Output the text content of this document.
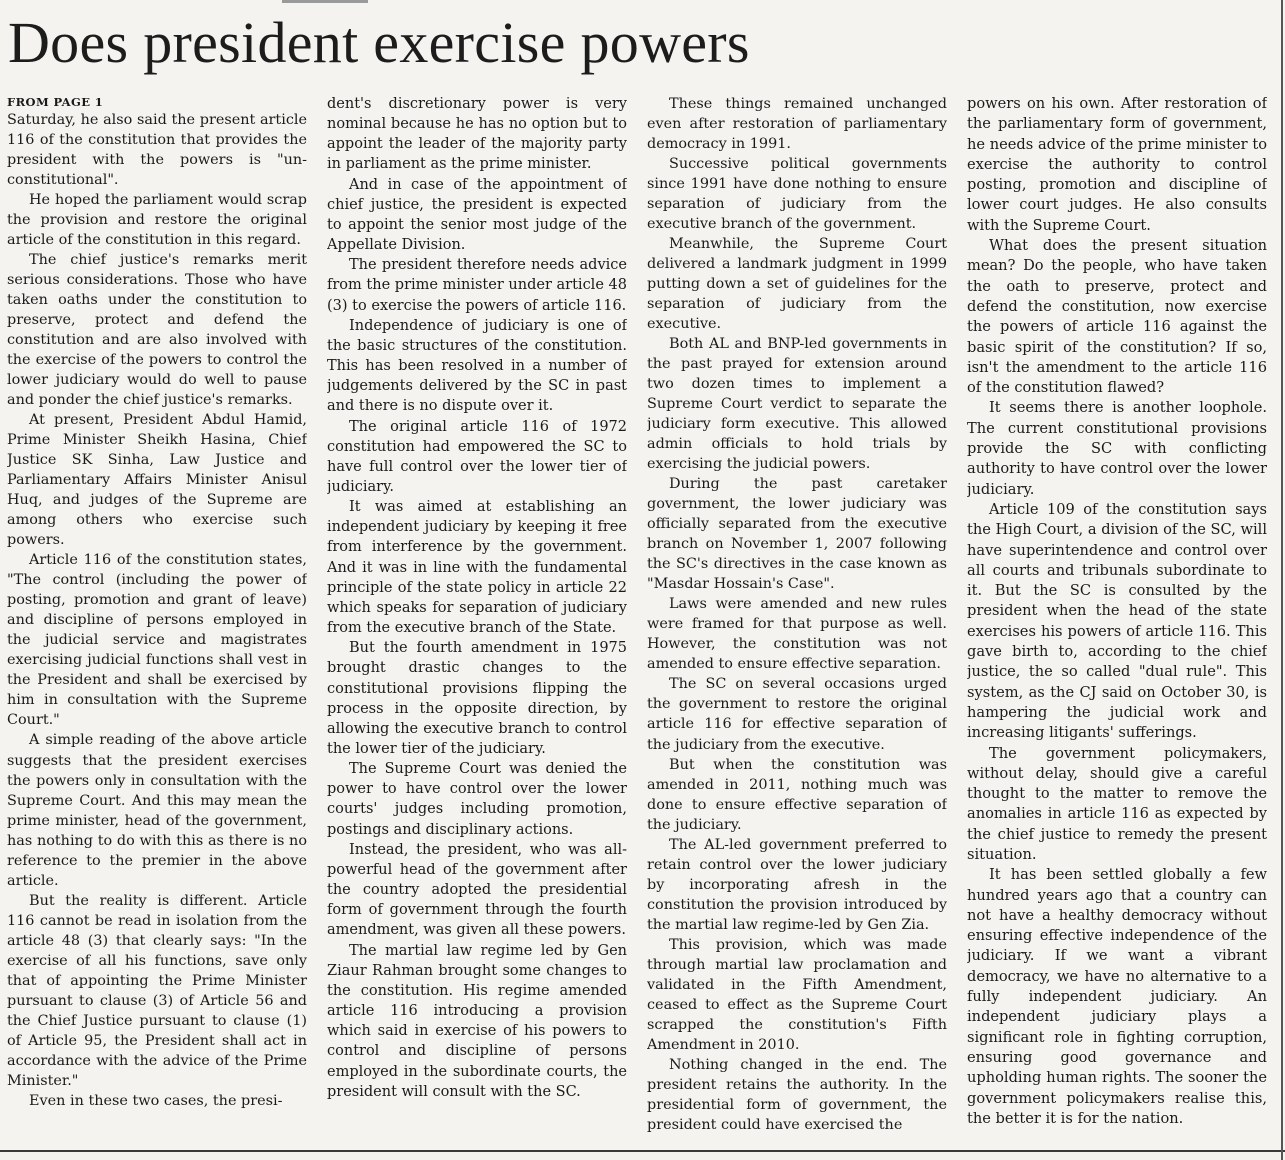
Does president exercise powers
FROM PAGE 1

Saturday, he also said the present article 116 of the constitution that provides the president with the powers is "un-constitutional".

He hoped the parliament would scrap the provision and restore the original article of the constitution in this regard.

The chief justice's remarks merit serious considerations. Those who have taken oaths under the constitution to preserve, protect and defend the constitution and are also involved with the exercise of the powers to control the lower judiciary would do well to pause and ponder the chief justice's remarks.

At present, President Abdul Hamid, Prime Minister Sheikh Hasina, Chief Justice SK Sinha, Law Justice and Parliamentary Affairs Minister Anisul Huq, and judges of the Supreme are among others who exercise such powers.

Article 116 of the constitution states, "The control (including the power of posting, promotion and grant of leave) and discipline of persons employed in the judicial service and magistrates exercising judicial functions shall vest in the President and shall be exercised by him in consultation with the Supreme Court."

A simple reading of the above article suggests that the president exercises the powers only in consultation with the Supreme Court. And this may mean the prime minister, head of the government, has nothing to do with this as there is no reference to the premier in the above article.

But the reality is different. Article 116 cannot be read in isolation from the article 48 (3) that clearly says: "In the exercise of all his functions, save only that of appointing the Prime Minister pursuant to clause (3) of Article 56 and the Chief Justice pursuant to clause (1) of Article 95, the President shall act in accordance with the advice of the Prime Minister."

Even in these two cases, the presi-

dent's discretionary power is very nominal because he has no option but to appoint the leader of the majority party in parliament as the prime minister.

And in case of the appointment of chief justice, the president is expected to appoint the senior most judge of the Appellate Division.

The president therefore needs advice from the prime minister under article 48 (3) to exercise the powers of article 116.

Independence of judiciary is one of the basic structures of the constitution. This has been resolved in a number of judgements delivered by the SC in past and there is no dispute over it.

The original article 116 of 1972 constitution had empowered the SC to have full control over the lower tier of judiciary.

It was aimed at establishing an independent judiciary by keeping it free from interference by the government. And it was in line with the fundamental principle of the state policy in article 22 which speaks for separation of judiciary from the executive branch of the State.

But the fourth amendment in 1975 brought drastic changes to the constitutional provisions flipping the process in the opposite direction, by allowing the executive branch to control the lower tier of the judiciary.

The Supreme Court was denied the power to have control over the lower courts' judges including promotion, postings and disciplinary actions.

Instead, the president, who was all-powerful head of the government after the country adopted the presidential form of government through the fourth amendment, was given all these powers.

The martial law regime led by Gen Ziaur Rahman brought some changes to the constitution. His regime amended article 116 introducing a provision which said in exercise of his powers to control and discipline of persons employed in the subordinate courts, the president will consult with the SC.

These things remained unchanged even after restoration of parliamentary democracy in 1991.

Successive political governments since 1991 have done nothing to ensure separation of judiciary from the executive branch of the government.

Meanwhile, the Supreme Court delivered a landmark judgment in 1999 putting down a set of guidelines for the separation of judiciary from the executive.

Both AL and BNP-led governments in the past prayed for extension around two dozen times to implement a Supreme Court verdict to separate the judiciary form executive. This allowed admin officials to hold trials by exercising the judicial powers.

During the past caretaker government, the lower judiciary was officially separated from the executive branch on November 1, 2007 following the SC's directives in the case known as "Masdar Hossain's Case".

Laws were amended and new rules were framed for that purpose as well. However, the constitution was not amended to ensure effective separation.

The SC on several occasions urged the government to restore the original article 116 for effective separation of the judiciary from the executive.

But when the constitution was amended in 2011, nothing much was done to ensure effective separation of the judiciary.

The AL-led government preferred to retain control over the lower judiciary by incorporating afresh in the constitution the provision introduced by the martial law regime-led by Gen Zia.

This provision, which was made through martial law proclamation and validated in the Fifth Amendment, ceased to effect as the Supreme Court scrapped the constitution's Fifth Amendment in 2010.

Nothing changed in the end. The president retains the authority. In the presidential form of government, the president could have exercised the

powers on his own. After restoration of the parliamentary form of government, he needs advice of the prime minister to exercise the authority to control posting, promotion and discipline of lower court judges. He also consults with the Supreme Court.

What does the present situation mean? Do the people, who have taken the oath to preserve, protect and defend the constitution, now exercise the powers of article 116 against the basic spirit of the constitution? If so, isn't the amendment to the article 116 of the constitution flawed?

It seems there is another loophole. The current constitutional provisions provide the SC with conflicting authority to have control over the lower judiciary.

Article 109 of the constitution says the High Court, a division of the SC, will have superintendence and control over all courts and tribunals subordinate to it. But the SC is consulted by the president when the head of the state exercises his powers of article 116. This gave birth to, according to the chief justice, the so called "dual rule". This system, as the CJ said on October 30, is hampering the judicial work and increasing litigants' sufferings.

The government policymakers, without delay, should give a careful thought to the matter to remove the anomalies in article 116 as expected by the chief justice to remedy the present situation.

It has been settled globally a few hundred years ago that a country can not have a healthy democracy without ensuring effective independence of the judiciary. If we want a vibrant democracy, we have no alternative to a fully independent judiciary. An independent judiciary plays a significant role in fighting corruption, ensuring good governance and upholding human rights. The sooner the government policymakers realise this, the better it is for the nation.
